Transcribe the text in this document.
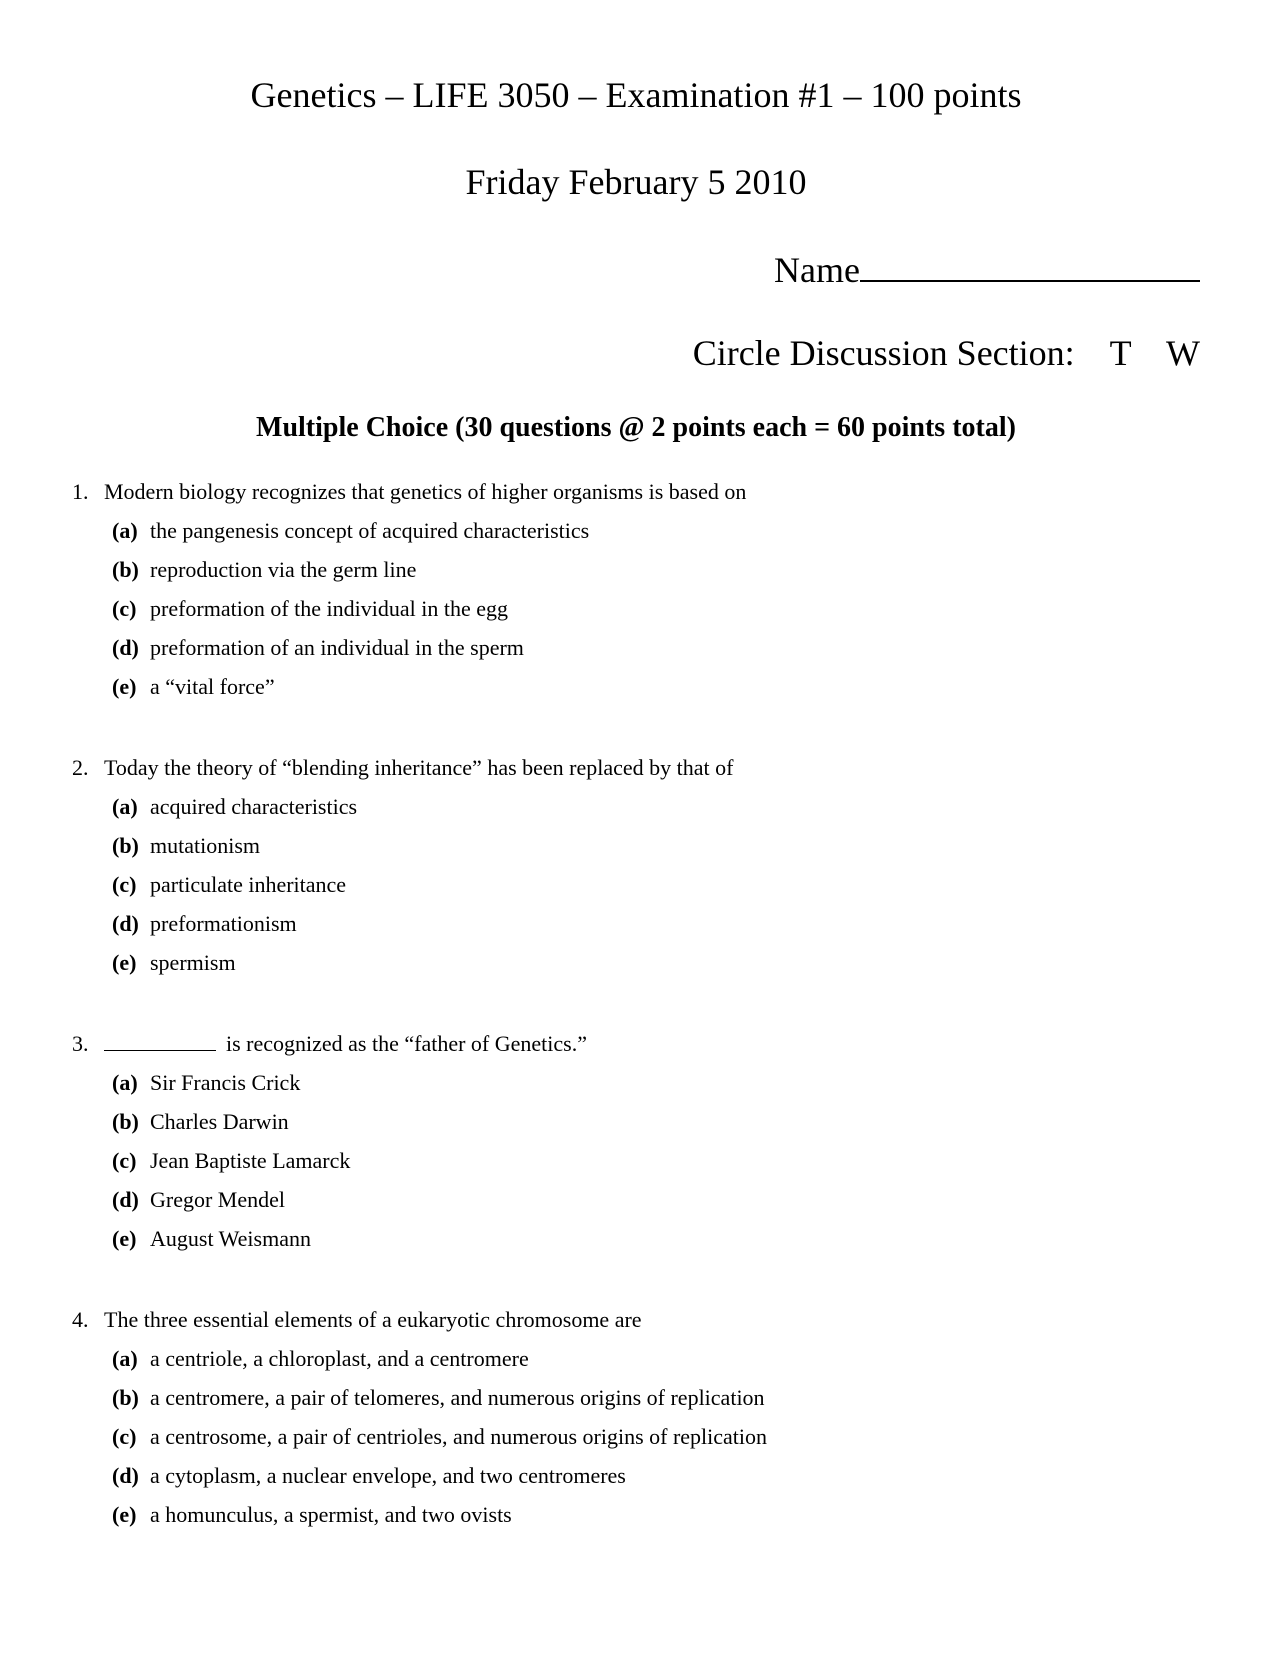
Genetics – LIFE 3050 – Examination #1 – 100 points
Friday February 5 2010
Name
Circle Discussion Section: T W
Multiple Choice (30 questions @ 2 points each = 60 points total)
1. Modern biology recognizes that genetics of higher organisms is based on
(a) the pangenesis concept of acquired characteristics
(b) reproduction via the germ line
(c) preformation of the individual in the egg
(d) preformation of an individual in the sperm
(e) a “vital force”
2. Today the theory of “blending inheritance” has been replaced by that of
(a) acquired characteristics
(b) mutationism
(c) particulate inheritance
(d) preformationism
(e) spermism
3.	is recognized as the “father of Genetics.”
(a) Sir Francis Crick
(b) Charles Darwin
(c) Jean Baptiste Lamarck
(d) Gregor Mendel
(e) August Weismann
4. The three essential elements of a eukaryotic chromosome are
(a) a centriole, a chloroplast, and a centromere
(b) a centromere, a pair of telomeres, and numerous origins of replication
(c) a centrosome, a pair of centrioles, and numerous origins of replication
(d) a cytoplasm, a nuclear envelope, and two centromeres
(e) a homunculus, a spermist, and two ovists
